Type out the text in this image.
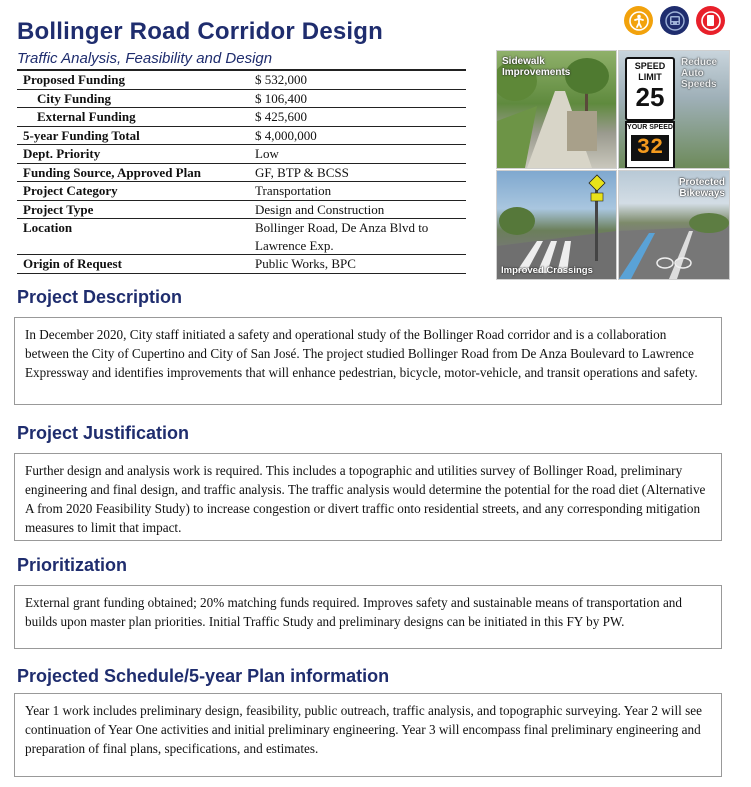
Bollinger Road Corridor Design
Traffic Analysis, Feasibility and Design
Proposed Funding	$ 532,000
City Funding	$ 106,400
External Funding	$ 425,600
5-year Funding Total	$ 4,000,000
Dept. Priority	Low
Funding Source, Approved Plan	GF, BTP & BCSS
Project Category	Transportation
Project Type	Design and Construction
Location	Bollinger Road, De Anza Blvd to Lawrence Exp.
Origin of Request	Public Works, BPC
Sidewalk Improvements
SPEED
LIMIT
25
YOUR SPEED
32
Reduce Auto Speeds
Improved Crossings
Protected Bikeways
Project Description
In December 2020, City staff initiated a safety and operational study of the Bollinger Road corridor and is a collaboration between the City of Cupertino and City of San José. The project studied Bollinger Road from De Anza Boulevard to Lawrence Expressway and identifies improvements that will enhance pedestrian, bicycle, motor-vehicle, and transit operations and safety.
Project Justification
Further design and analysis work is required. This includes a topographic and utilities survey of Bollinger Road, preliminary engineering and final design, and traffic analysis. The traffic analysis would determine the potential for the road diet (Alternative A from 2020 Feasibility Study) to increase congestion or divert traffic onto residential streets, and any corresponding mitigation measures to limit that impact.
Prioritization
External grant funding obtained; 20% matching funds required. Improves safety and sustainable means of transportation and builds upon master plan priorities. Initial Traffic Study and preliminary designs can be initiated in this FY by PW.
Projected Schedule/5-year Plan information
Year 1 work includes preliminary design, feasibility, public outreach, traffic analysis, and topographic surveying. Year 2 will see continuation of Year One activities and initial preliminary engineering. Year 3 will encompass final preliminary engineering and preparation of final plans, specifications, and estimates.
